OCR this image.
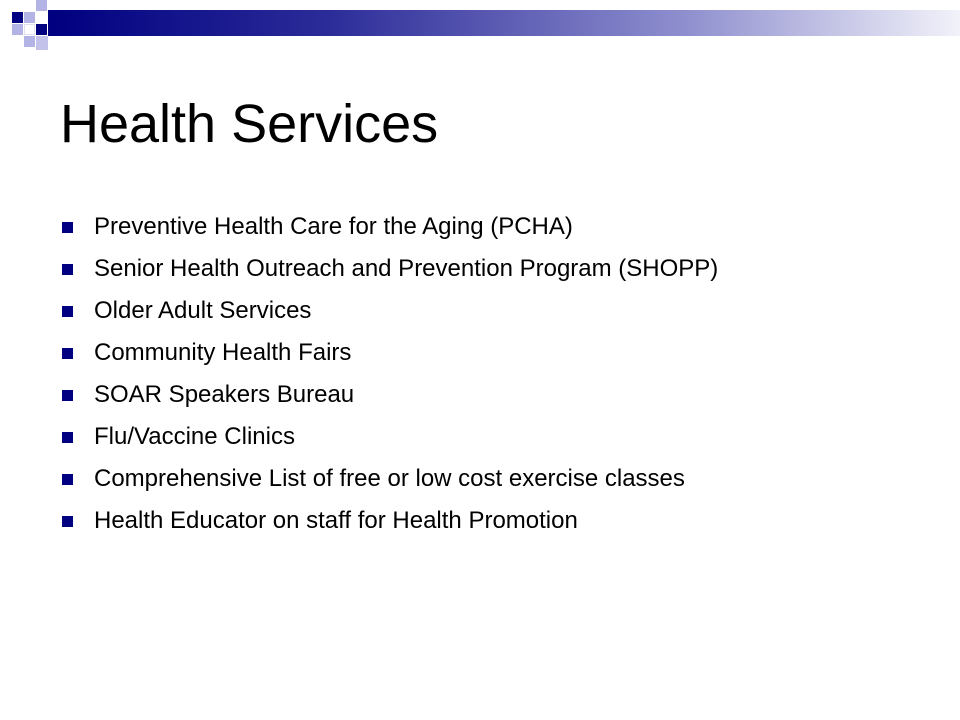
Health Services
Preventive Health Care for the Aging (PCHA)
Senior Health Outreach and Prevention Program (SHOPP)
Older Adult Services
Community Health Fairs
SOAR Speakers Bureau
Flu/Vaccine Clinics
Comprehensive List of free or low cost exercise classes
Health Educator on staff for Health Promotion
